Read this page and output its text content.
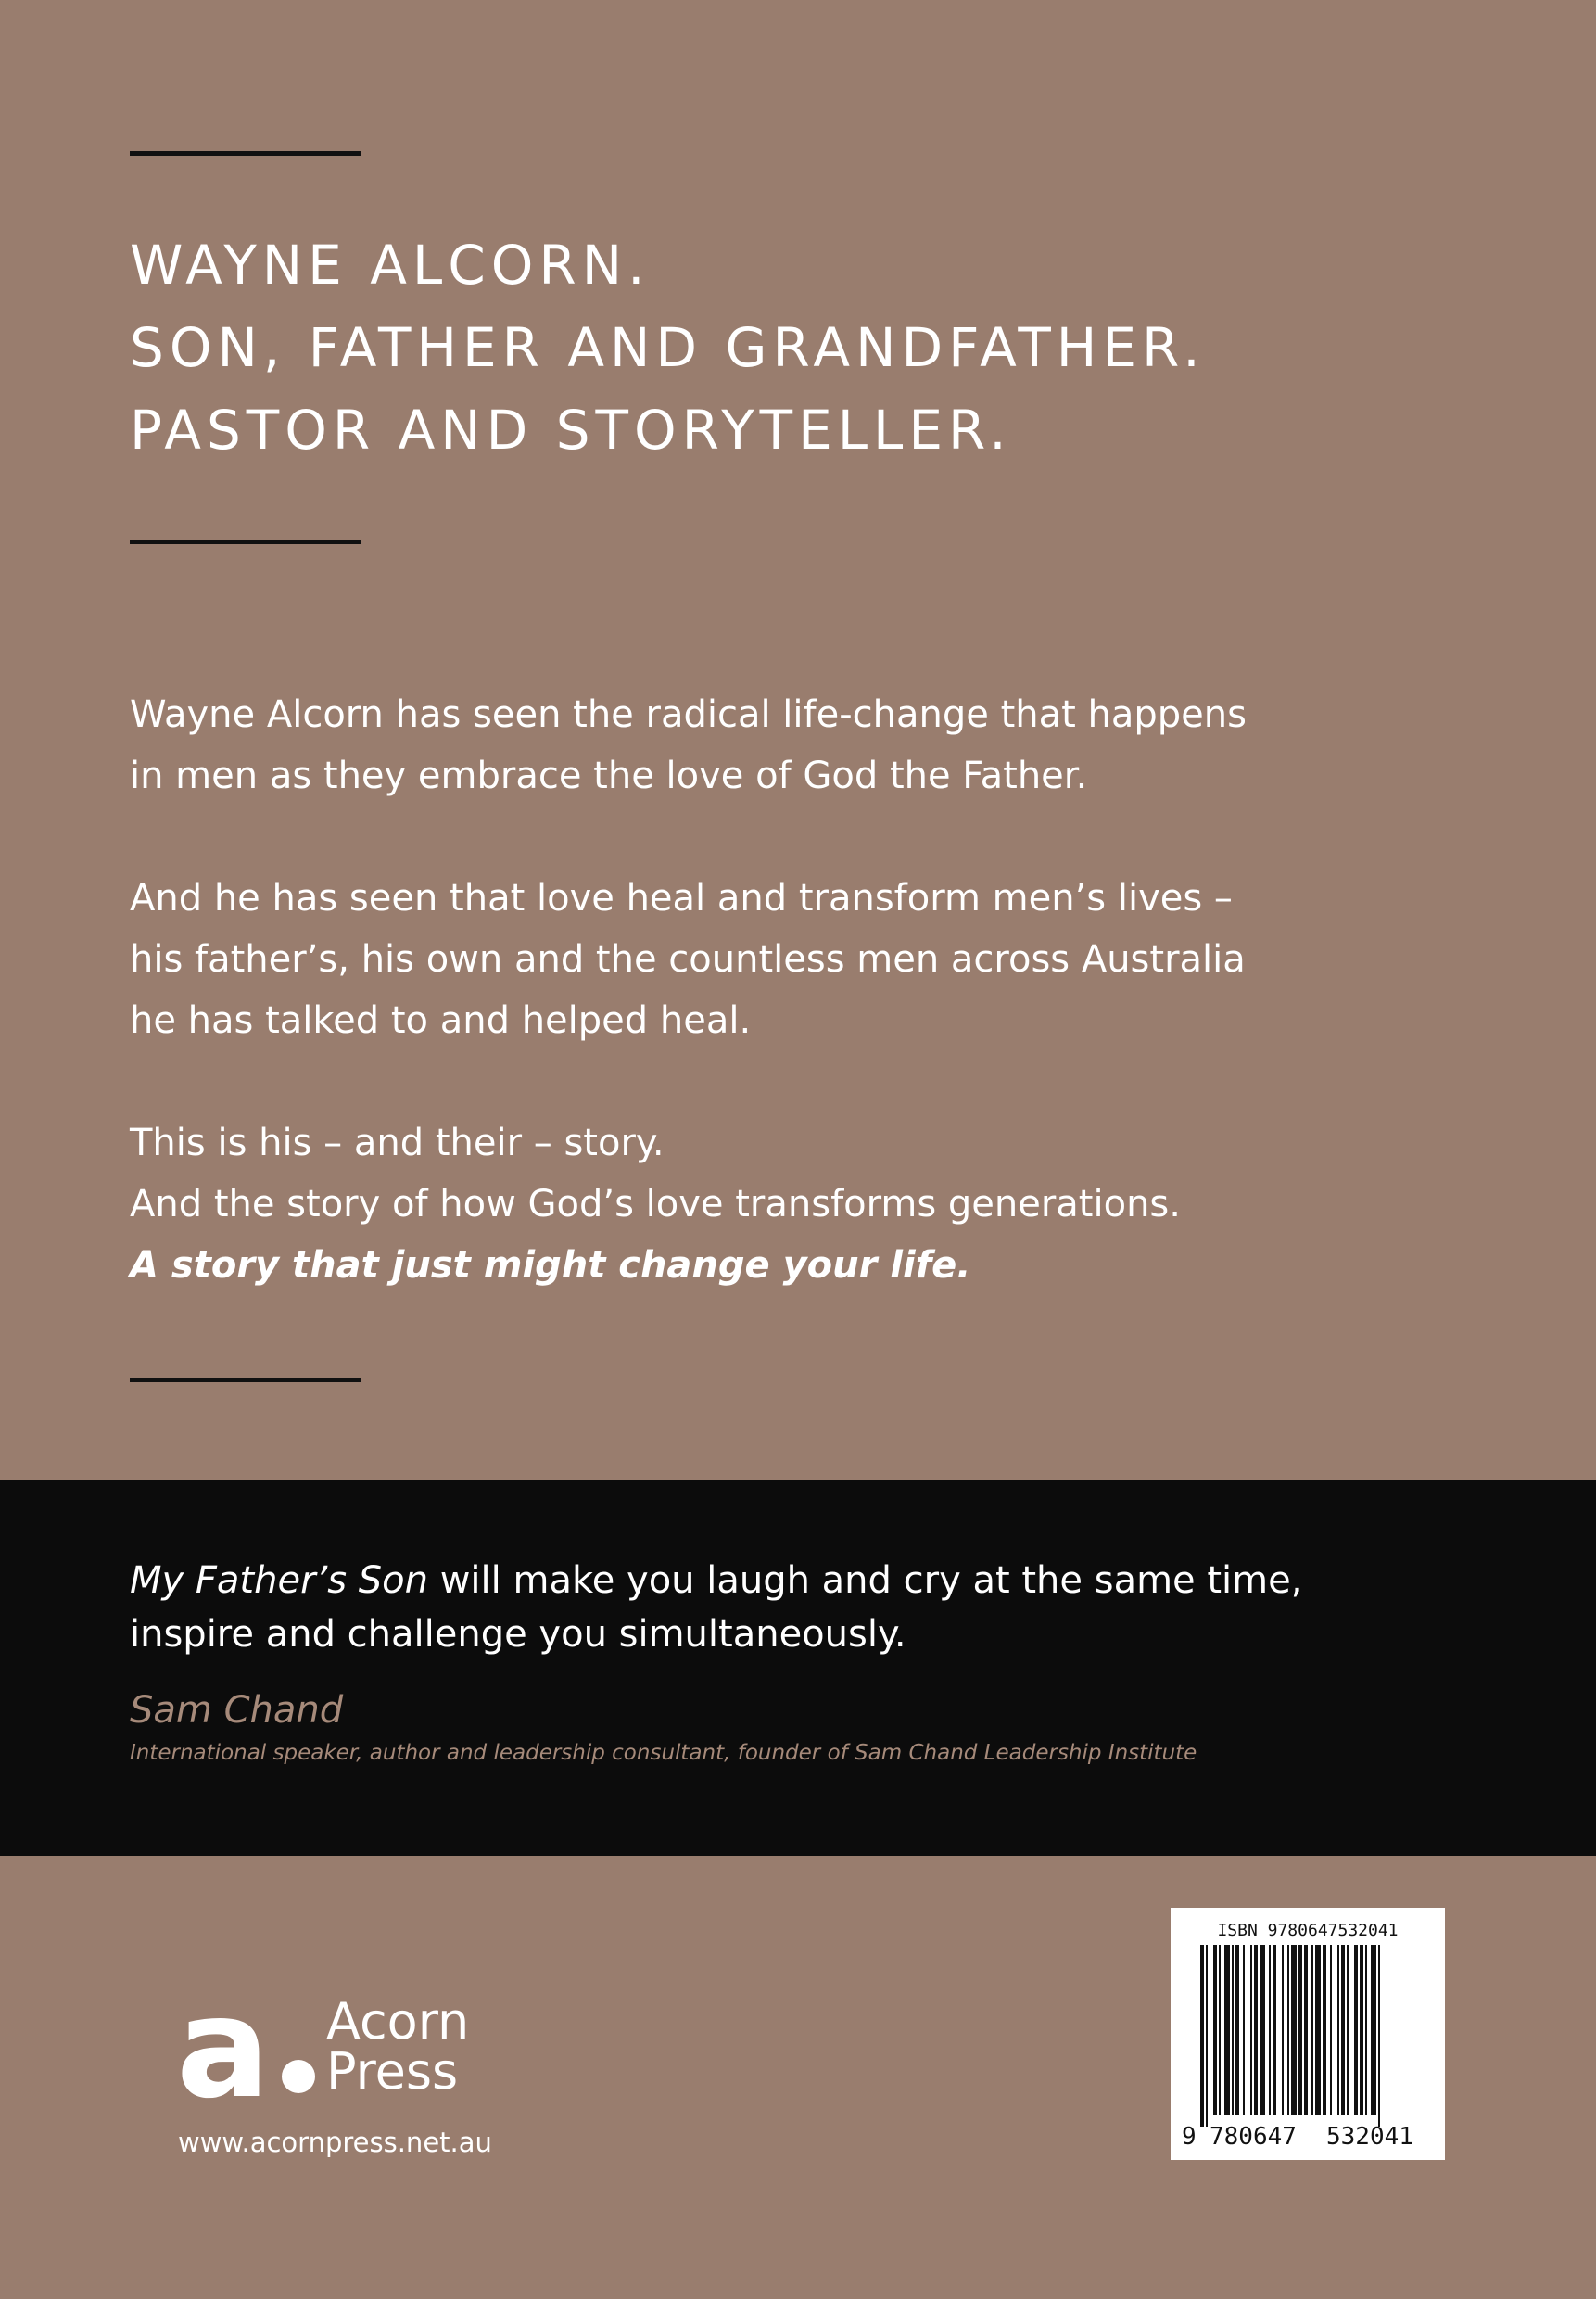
WAYNE ALCORN.
SON, FATHER AND GRANDFATHER.
PASTOR AND STORYTELLER.

Wayne Alcorn has seen the radical life-change that happens
in men as they embrace the love of God the Father.

And he has seen that love heal and transform men’s lives –
his father’s, his own and the countless men across Australia
he has talked to and helped heal.

This is his – and their – story.
And the story of how God’s love transforms generations.

A story that just might change your life.
My Father’s Son will make you laugh and cry at the same time,
inspire and challenge you simultaneously.
Sam Chand
International speaker, author and leadership consultant, founder of Sam Chand Leadership Institute
a Acorn
Press
www.acornpress.net.au
ISBN 9780647532041
9 780647 532041
